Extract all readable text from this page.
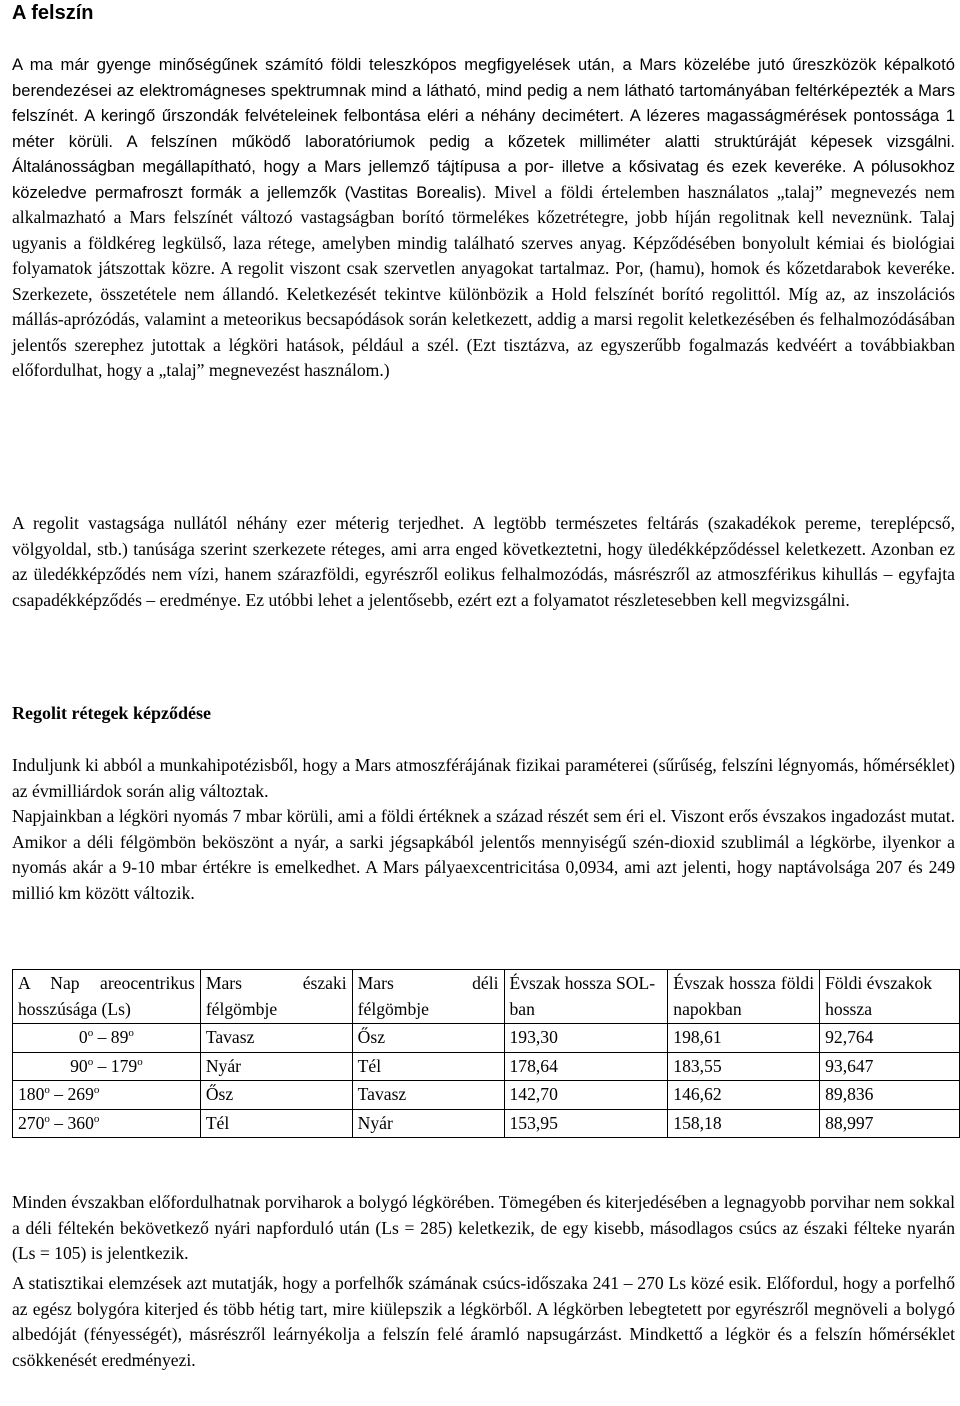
A felszín

A ma már gyenge minőségűnek számító földi teleszkópos megfigyelések után, a Mars közelébe jutó űreszközök képalkotó berendezései az elektromágneses spektrumnak mind a látható, mind pedig a nem látható tartományában feltérképezték a Mars felszínét. A keringő űrszondák felvételeinek felbontása eléri a néhány decimétert. A lézeres magasságmérések pontossága 1 méter körüli. A felszínen működő laboratóriumok pedig a kőzetek milliméter alatti struktúráját képesek vizsgálni. Általánosságban megállapítható, hogy a Mars jellemző tájtípusa a por- illetve a kősivatag és ezek keveréke. A pólusokhoz közeledve permafroszt formák a jellemzők (Vastitas Borealis). Mivel a földi értelemben használatos „talaj” megnevezés nem alkalmazható a Mars felszínét változó vastagságban borító törmelékes kőzetrétegre, jobb híján regolitnak kell neveznünk. Talaj ugyanis a földkéreg legkülső, laza rétege, amelyben mindig található szerves anyag. Képződésében bonyolult kémiai és biológiai folyamatok játszottak közre. A regolit viszont csak szervetlen anyagokat tartalmaz. Por, (hamu), homok és kőzetdarabok keveréke. Szerkezete, összetétele nem állandó. Keletkezését tekintve különbözik a Hold felszínét borító regolittól. Míg az, az inszolációs mállás-aprózódás, valamint a meteorikus becsapódások során keletkezett, addig a marsi regolit keletkezésében és felhalmozódásában jelentős szerephez jutottak a légköri hatások, például a szél. (Ezt tisztázva, az egyszerűbb fogalmazás kedvéért a továbbiakban előfordulhat, hogy a „talaj” megnevezést használom.)

A regolit vastagsága nullától néhány ezer méterig terjedhet. A legtöbb természetes feltárás (szakadékok pereme, tereplépcső, völgyoldal, stb.) tanúsága szerint szerkezete réteges, ami arra enged következtetni, hogy üledékképződéssel keletkezett. Azonban ez az üledékképződés nem vízi, hanem szárazföldi, egyrészről eolikus felhalmozódás, másrészről az atmoszférikus kihullás – egyfajta csapadékképződés – eredménye. Ez utóbbi lehet a jelentősebb, ezért ezt a folyamatot részletesebben kell megvizsgálni.

Regolit rétegek képződése

Induljunk ki abból a munkahipotézisből, hogy a Mars atmoszférájának fizikai paraméterei (sűrűség, felszíni légnyomás, hőmérséklet) az évmilliárdok során alig változtak.

Napjainkban a légköri nyomás 7 mbar körüli, ami a földi értéknek a század részét sem éri el. Viszont erős évszakos ingadozást mutat. Amikor a déli félgömbön beköszönt a nyár, a sarki jégsapkából jelentős mennyiségű szén-dioxid szublimál a légkörbe, ilyenkor a nyomás akár a 9-10 mbar értékre is emelkedhet. A Mars pályaexcentricitása 0,0934, ami azt jelenti, hogy naptávolsága 207 és 249 millió km között változik.

A Nap areocentrikus hosszúsága (Ls)	Mars északi félgömbje	Mars déli félgömbje	Évszak hossza SOL-ban	Évszak hossza földi napokban	Földi évszakok hossza
0$^o$ – 89$^o$	Tavasz	Ősz	193,30	198,61	92,764
90$^o$ – 179$^o$	Nyár	Tél	178,64	183,55	93,647
180$^o$ – 269$^o$	Ősz	Tavasz	142,70	146,62	89,836
270$^o$ – 360$^o$	Tél	Nyár	153,95	158,18	88,997

Minden évszakban előfordulhatnak porviharok a bolygó légkörében. Tömegében és kiterjedésében a legnagyobb porvihar nem sokkal a déli féltekén bekövetkező nyári napforduló után (Ls = 285) keletkezik, de egy kisebb, másodlagos csúcs az északi félteke nyarán (Ls = 105) is jelentkezik.

A statisztikai elemzések azt mutatják, hogy a porfelhők számának csúcs-időszaka 241 – 270 Ls közé esik. Előfordul, hogy a porfelhő az egész bolygóra kiterjed és több hétig tart, mire kiülepszik a légkörből. A légkörben lebegtetett por egyrészről megnöveli a bolygó albedóját (fényességét), másrészről leárnyékolja a felszín felé áramló napsugárzást. Mindkettő a légkör és a felszín hőmérséklet csökkenését eredményezi.
